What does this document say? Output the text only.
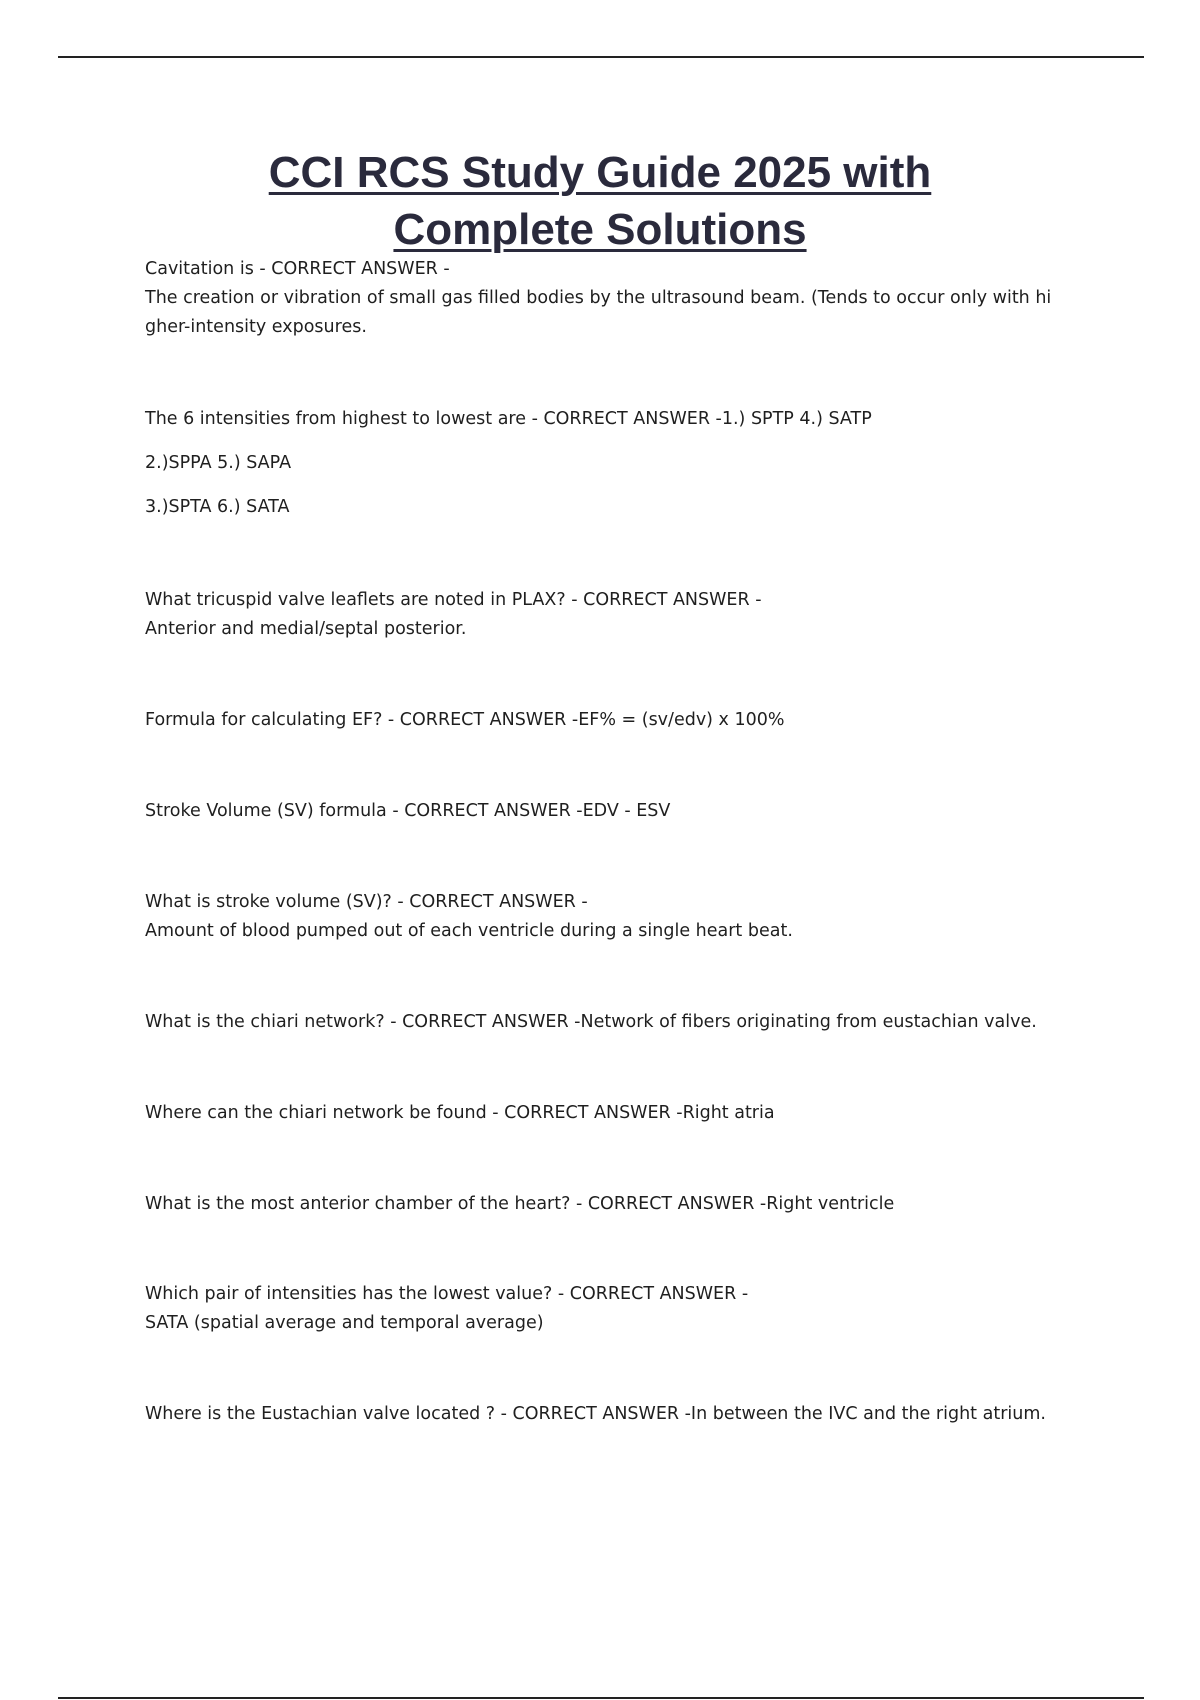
CCI RCS Study Guide 2025 with
Complete Solutions

Cavitation is - CORRECT ANSWER -

The creation or vibration of small gas filled bodies by the ultrasound beam. (Tends to occur only with hi

gher-intensity exposures.

The 6 intensities from highest to lowest are - CORRECT ANSWER -1.) SPTP 4.) SATP

2.)SPPA 5.) SAPA

3.)SPTA 6.) SATA

What tricuspid valve leaflets are noted in PLAX? - CORRECT ANSWER -

Anterior and medial/septal posterior.

Formula for calculating EF? - CORRECT ANSWER -EF% = (sv/edv) x 100%

Stroke Volume (SV) formula - CORRECT ANSWER -EDV - ESV

What is stroke volume (SV)? - CORRECT ANSWER -

Amount of blood pumped out of each ventricle during a single heart beat.

What is the chiari network? - CORRECT ANSWER -Network of fibers originating from eustachian valve.

Where can the chiari network be found - CORRECT ANSWER -Right atria

What is the most anterior chamber of the heart? - CORRECT ANSWER -Right ventricle

Which pair of intensities has the lowest value? - CORRECT ANSWER -

SATA (spatial average and temporal average)

Where is the Eustachian valve located ? - CORRECT ANSWER -In between the IVC and the right atrium.
